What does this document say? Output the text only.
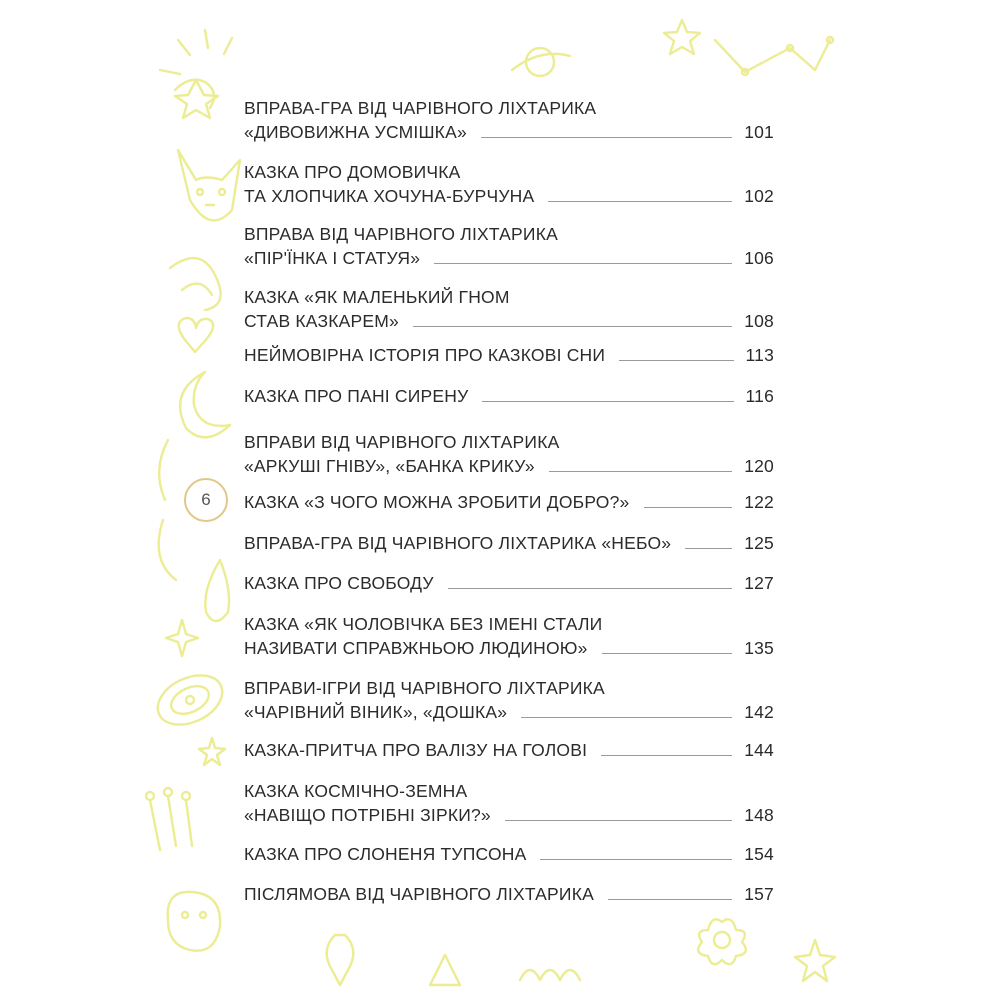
6
ВПРАВА-ГРА ВІД ЧАРІВНОГО ЛІХТАРИКА
«ДИВОВИЖНА УСМІШКА»	101
КАЗКА ПРО ДОМОВИЧКА
ТА ХЛОПЧИКА ХОЧУНА-БУРЧУНА	102
ВПРАВА ВІД ЧАРІВНОГО ЛІХТАРИКА
«ПІР'ЇНКА І СТАТУЯ»	106
КАЗКА «ЯК МАЛЕНЬКИЙ ГНОМ
СТАВ КАЗКАРЕМ»	108
НЕЙМОВІРНА ІСТОРІЯ ПРО КАЗКОВІ СНИ	113
КАЗКА ПРО ПАНІ СИРЕНУ	116
ВПРАВИ ВІД ЧАРІВНОГО ЛІХТАРИКА
«АРКУШІ ГНІВУ», «БАНКА КРИКУ»	120
КАЗКА «З ЧОГО МОЖНА ЗРОБИТИ ДОБРО?»	122
ВПРАВА-ГРА ВІД ЧАРІВНОГО ЛІХТАРИКА «НЕБО»	125
КАЗКА ПРО СВОБОДУ	127
КАЗКА «ЯК ЧОЛОВІЧКА БЕЗ ІМЕНІ СТАЛИ
НАЗИВАТИ СПРАВЖНЬОЮ ЛЮДИНОЮ»	135
ВПРАВИ-ІГРИ ВІД ЧАРІВНОГО ЛІХТАРИКА
«ЧАРІВНИЙ ВІНИК», «ДОШКА»	142
КАЗКА-ПРИТЧА ПРО ВАЛІЗУ НА ГОЛОВІ	144
КАЗКА КОСМІЧНО-ЗЕМНА
«НАВІЩО ПОТРІБНІ ЗІРКИ?»	148
КАЗКА ПРО СЛОНЕНЯ ТУПСОНА	154
ПІСЛЯМОВА ВІД ЧАРІВНОГО ЛІХТАРИКА	157
